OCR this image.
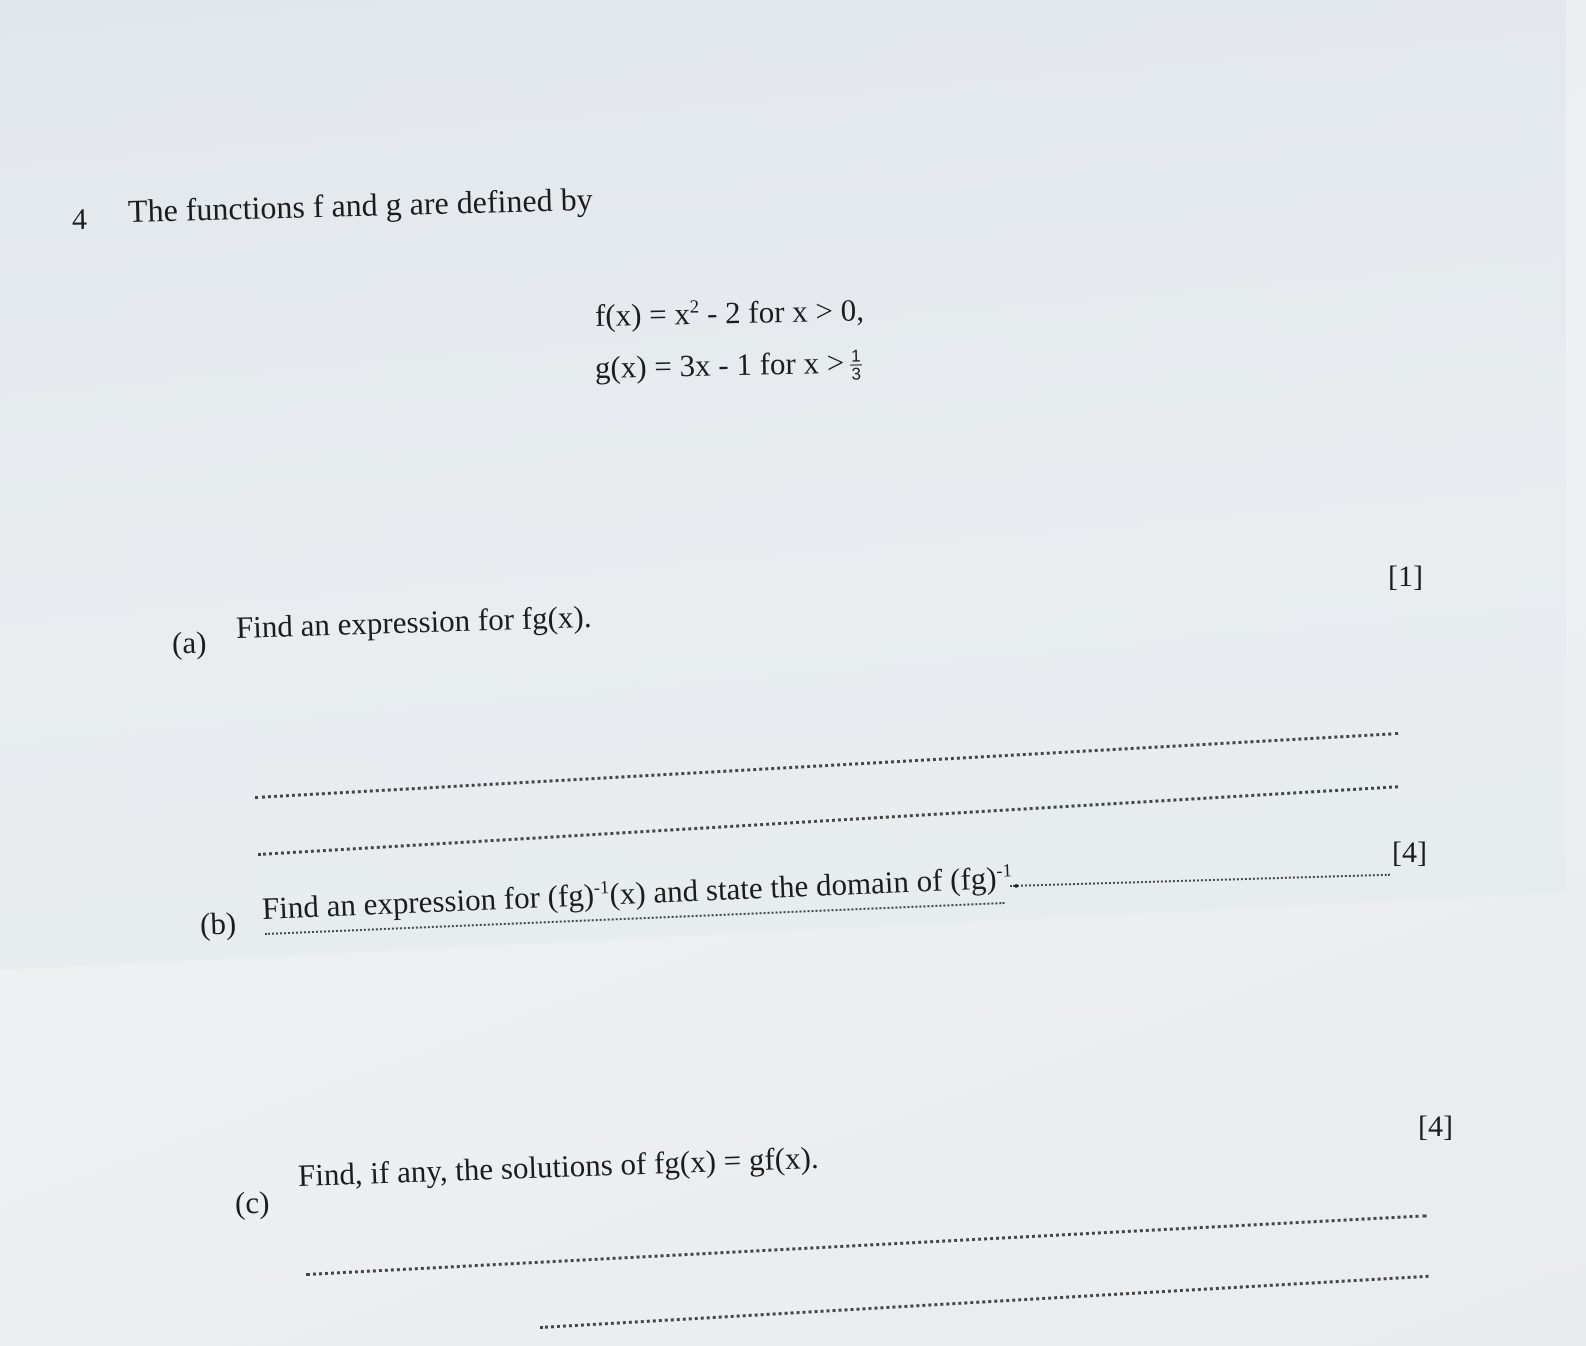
4 The functions f and g are defined by
$f(x) = x^2 - 2$ for x > 0,
g(x) = 3x - 1 for $x > \frac{1}{3}$
[1]
(a) Find an expression for fg(x).
[4]
(b) Find an expression for (fg)$^{-1}$(x) and state the domain of (fg)$^{-1}$.
[4]
(c)
Find, if any, the solutions of fg(x) = gf(x).
